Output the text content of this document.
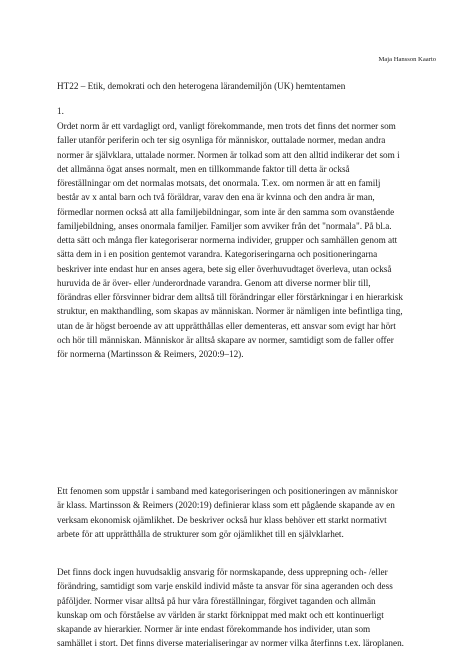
Maja Hansson Kaarto
HT22 – Etik, demokrati och den heterogena lärandemiljön (UK) hemtentamen
1.

Ordet norm är ett vardagligt ord, vanligt förekommande, men trots det finns det normer som
faller utanför periferin och ter sig osynliga för människor, outtalade normer, medan andra
normer är självklara, uttalade normer. Normen är tolkad som att den alltid indikerar det som i
det allmänna ögat anses normalt, men en tillkommande faktor till detta är också
föreställningar om det normalas motsats, det onormala. T.ex. om normen är att en familj
består av x antal barn och två föräldrar, varav den ena är kvinna och den andra är man,
förmedlar normen också att alla familjebildningar, som inte är den samma som ovanstående
familjebildning, anses onormala familjer. Familjer som avviker från det "normala". På bl.a.
detta sätt och många fler kategoriserar normerna individer, grupper och samhällen genom att
sätta dem in i en position gentemot varandra. Kategoriseringarna och positioneringarna
beskriver inte endast hur en anses agera, bete sig eller överhuvudtaget överleva, utan också
huruvida de är över- eller /underordnade varandra. Genom att diverse normer blir till,
förändras eller försvinner bidrar dem alltså till förändringar eller förstärkningar i en hierarkisk
struktur, en makthandling, som skapas av människan. Normer är nämligen inte befintliga ting,
utan de är högst beroende av att upprätthållas eller dementeras, ett ansvar som evigt har hört
och hör till människan. Människor är alltså skapare av normer, samtidigt som de faller offer
för normerna (Martinsson & Reimers, 2020:9–12).

Ett fenomen som uppstår i samband med kategoriseringen och positioneringen av människor
är klass. Martinsson & Reimers (2020:19) definierar klass som ett pågående skapande av en
verksam ekonomisk ojämlikhet. De beskriver också hur klass behöver ett starkt normativt
arbete för att upprätthålla de strukturer som gör ojämlikhet till en självklarhet.

Det finns dock ingen huvudsaklig ansvarig för normskapande, dess upprepning och- /eller
förändring, samtidigt som varje enskild individ måste ta ansvar för sina ageranden och dess
påföljder. Normer visar alltså på hur våra föreställningar, förgivet taganden och allmän
kunskap om och förståelse av världen är starkt förknippat med makt och ett kontinuerligt
skapande av hierarkier. Normer är inte endast förekommande hos individer, utan som
samhället i stort. Det finns diverse materialiseringar av normer vilka återfinns t.ex. läroplanen.
